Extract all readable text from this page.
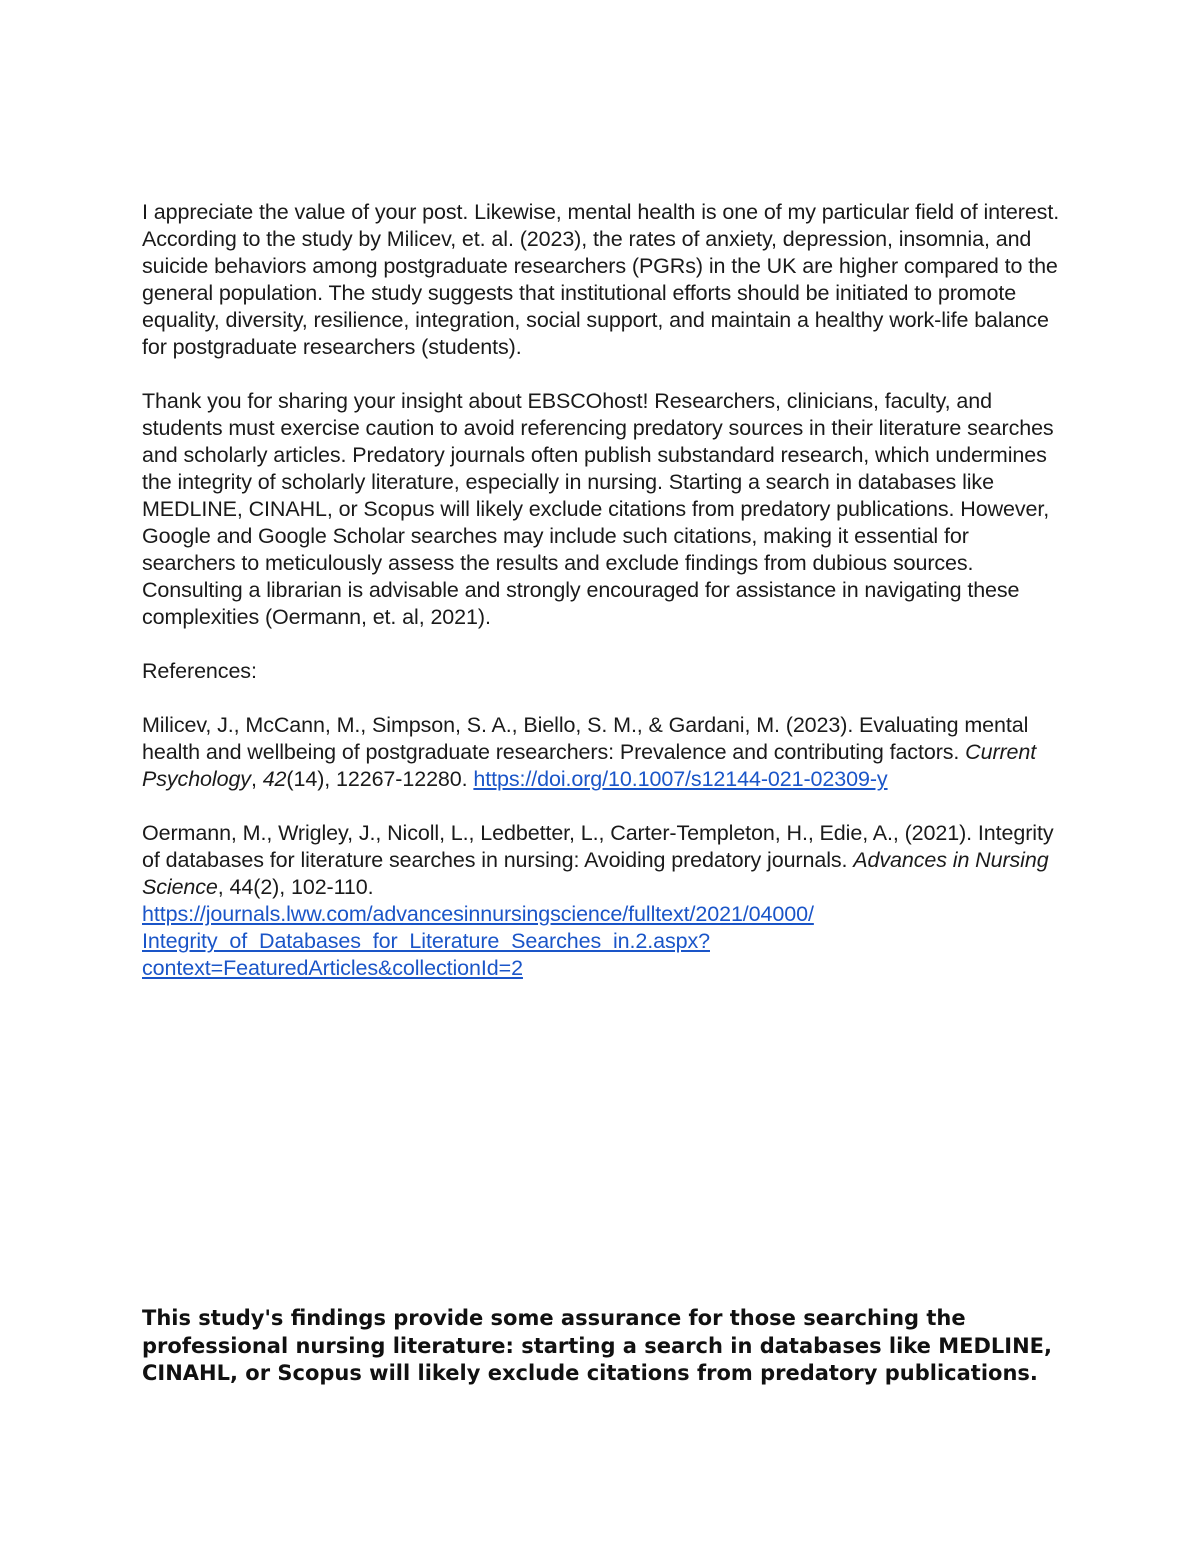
I appreciate the value of your post. Likewise, mental health is one of my particular field of interest. According to the study by Milicev, et. al. (2023), the rates of anxiety, depression, insomnia, and suicide behaviors among postgraduate researchers (PGRs) in the UK are higher compared to the general population. The study suggests that institutional efforts should be initiated to promote equality, diversity, resilience, integration, social support, and maintain a healthy work-life balance for postgraduate researchers (students).

Thank you for sharing your insight about EBSCOhost! Researchers, clinicians, faculty, and students must exercise caution to avoid referencing predatory sources in their literature searches and scholarly articles. Predatory journals often publish substandard research, which undermines the integrity of scholarly literature, especially in nursing. Starting a search in databases like MEDLINE, CINAHL, or Scopus will likely exclude citations from predatory publications. However, Google and Google Scholar searches may include such citations, making it essential for searchers to meticulously assess the results and exclude findings from dubious sources. Consulting a librarian is advisable and strongly encouraged for assistance in navigating these complexities (Oermann, et. al, 2021).

References:

Milicev, J., McCann, M., Simpson, S. A., Biello, S. M., & Gardani, M. (2023). Evaluating mental health and wellbeing of postgraduate researchers: Prevalence and contributing factors. Current Psychology, 42(14), 12267-12280. https://doi.org/10.1007/s12144-021-02309-y
Oermann, M., Wrigley, J., Nicoll, L., Ledbetter, L., Carter-Templeton, H., Edie, A., (2021). Integrity of databases for literature searches in nursing: Avoiding predatory journals. Advances in Nursing Science, 44(2), 102-110.
https://journals.lww.com/advancesinnursingscience/fulltext/2021/04000/
Integrity_of_Databases_for_Literature_Searches_in.2.aspx?
context=FeaturedArticles&collectionId=2
This study's findings provide some assurance for those searching the professional nursing literature: starting a search in databases like MEDLINE, CINAHL, or Scopus will likely exclude citations from predatory publications.
